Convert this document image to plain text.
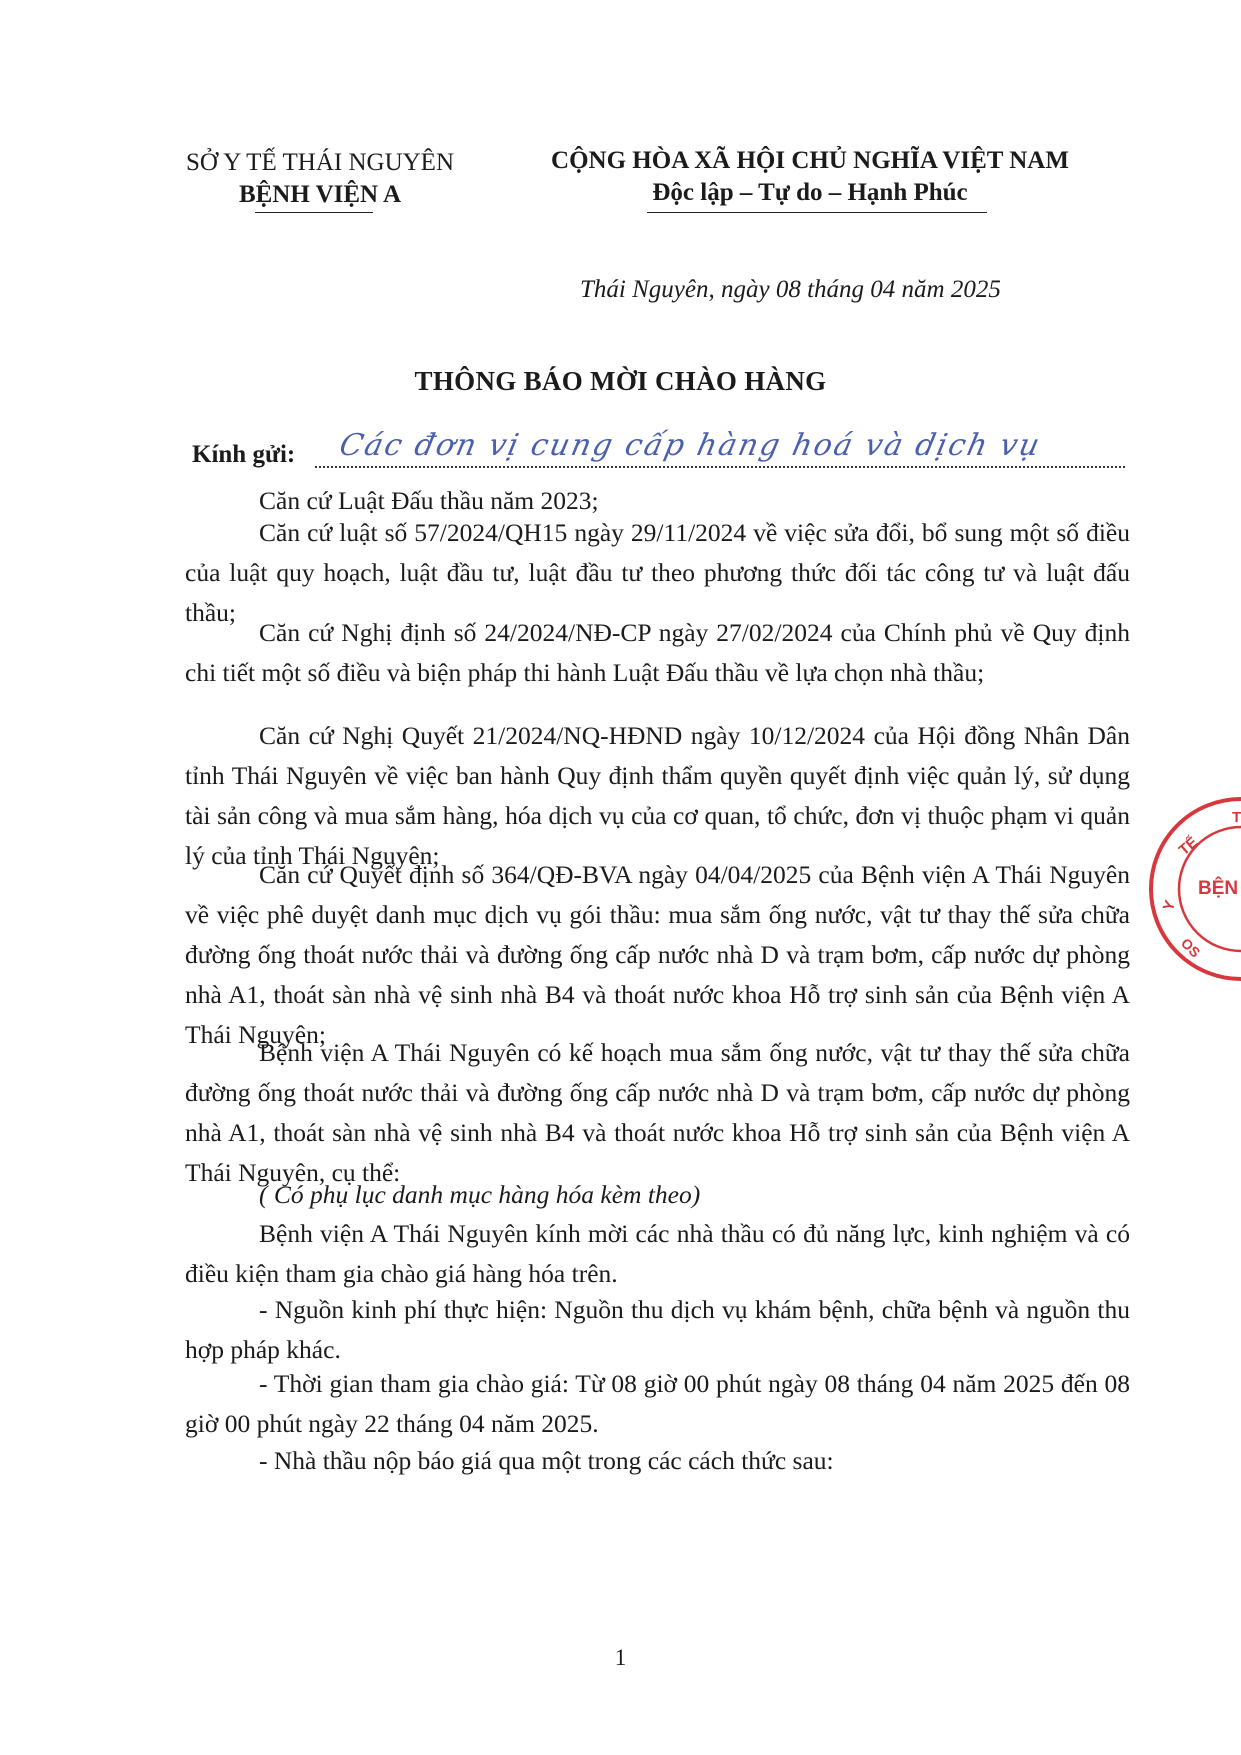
SỞ Y TẾ THÁI NGUYÊN
BỆNH VIỆN A
CỘNG HÒA XÃ HỘI CHỦ NGHĨA VIỆT NAM
Độc lập – Tự do – Hạnh Phúc
Thái Nguyên, ngày 08 tháng 04 năm 2025
THÔNG BÁO MỜI CHÀO HÀNG
Kính gửi: Các đơn vị cung cấp hàng hoá và dịch vụ

Căn cứ Luật Đấu thầu năm 2023;

Căn cứ luật số 57/2024/QH15 ngày 29/11/2024 về việc sửa đổi, bổ sung một số điều của luật quy hoạch, luật đầu tư, luật đầu tư theo phương thức đối tác công tư và luật đấu thầu;

Căn cứ Nghị định số 24/2024/NĐ-CP ngày 27/02/2024 của Chính phủ về Quy định chi tiết một số điều và biện pháp thi hành Luật Đấu thầu về lựa chọn nhà thầu;

Căn cứ Nghị Quyết 21/2024/NQ-HĐND ngày 10/12/2024 của Hội đồng Nhân Dân tỉnh Thái Nguyên về việc ban hành Quy định thẩm quyền quyết định việc quản lý, sử dụng tài sản công và mua sắm hàng, hóa dịch vụ của cơ quan, tổ chức, đơn vị thuộc phạm vi quản lý của tỉnh Thái Nguyên;

Căn cứ Quyết định số 364/QĐ-BVA ngày 04/04/2025 của Bệnh viện A Thái Nguyên về việc phê duyệt danh mục dịch vụ gói thầu: mua sắm ống nước, vật tư thay thế sửa chữa đường ống thoát nước thải và đường ống cấp nước nhà D và trạm bơm, cấp nước dự phòng nhà A1, thoát sàn nhà vệ sinh nhà B4 và thoát nước khoa Hỗ trợ sinh sản của Bệnh viện A Thái Nguyên;

Bệnh viện A Thái Nguyên có kế hoạch mua sắm ống nước, vật tư thay thế sửa chữa đường ống thoát nước thải và đường ống cấp nước nhà D và trạm bơm, cấp nước dự phòng nhà A1, thoát sàn nhà vệ sinh nhà B4 và thoát nước khoa Hỗ trợ sinh sản của Bệnh viện A Thái Nguyên, cụ thể:

( Có phụ lục danh mục hàng hóa kèm theo)

Bệnh viện A Thái Nguyên kính mời các nhà thầu có đủ năng lực, kinh nghiệm và có điều kiện tham gia chào giá hàng hóa trên.

- Nguồn kinh phí thực hiện: Nguồn thu dịch vụ khám bệnh, chữa bệnh và nguồn thu hợp pháp khác.

- Thời gian tham gia chào giá: Từ 08 giờ 00 phút ngày 08 tháng 04 năm 2025 đến 08 giờ 00 phút ngày 22 tháng 04 năm 2025.

- Nhà thầu nộp báo giá qua một trong các cách thức sau:

1
Y
TẾ
T
BỆN
OS
